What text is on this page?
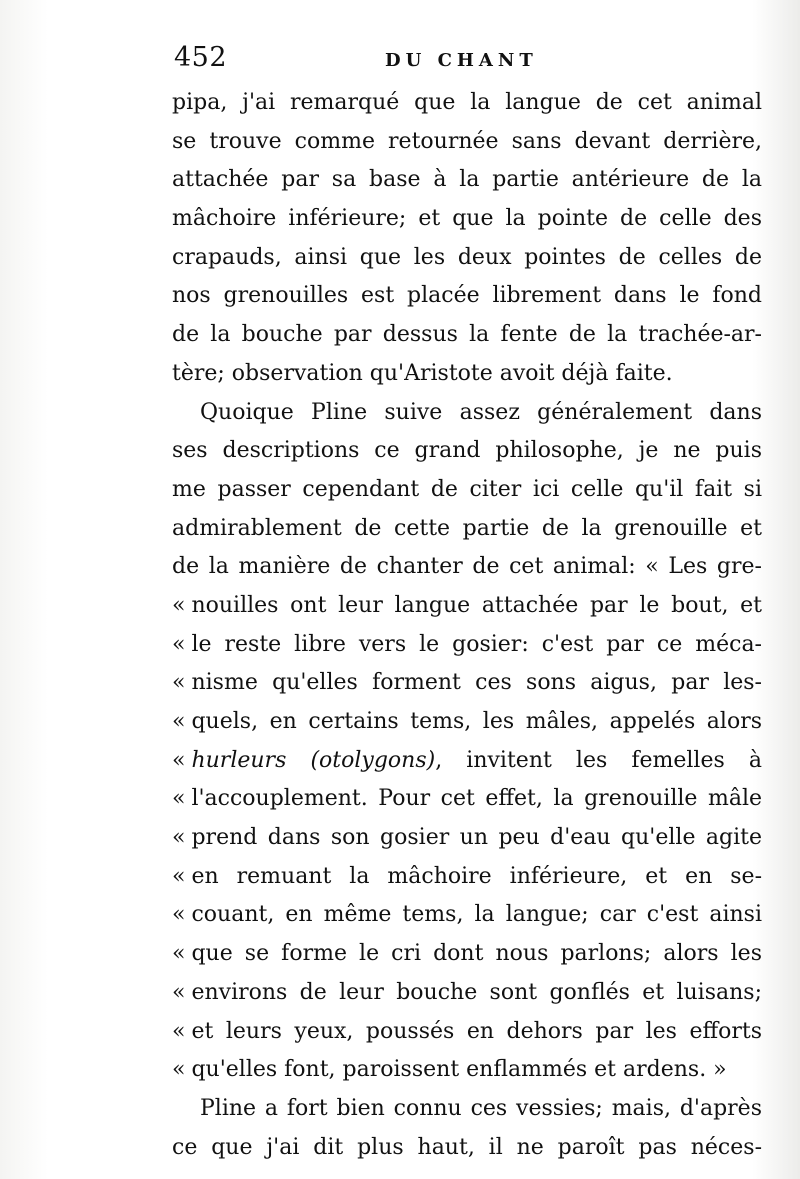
452	DU CHANT
pipa, j'ai remarqué que la langue de cet animal
se trouve comme retournée sans devant derrière,
attachée par sa base à la partie antérieure de la
mâchoire inférieure; et que la pointe de celle des
crapauds, ainsi que les deux pointes de celles de
nos grenouilles est placée librement dans le fond
de la bouche par dessus la fente de la trachée-ar-
tère; observation qu'Aristote avoit déjà faite.
Quoique Pline suive assez généralement dans
ses descriptions ce grand philosophe, je ne puis
me passer cependant de citer ici celle qu'il fait si
admirablement de cette partie de la grenouille et
de la manière de chanter de cet animal: « Les gre-
« nouilles ont leur langue attachée par le bout, et
« le reste libre vers le gosier: c'est par ce méca-
« nisme qu'elles forment ces sons aigus, par les-
« quels, en certains tems, les mâles, appelés alors
« hurleurs (otolygons), invitent les femelles à
« l'accouplement. Pour cet effet, la grenouille mâle
« prend dans son gosier un peu d'eau qu'elle agite
« en remuant la mâchoire inférieure, et en se-
« couant, en même tems, la langue; car c'est ainsi
« que se forme le cri dont nous parlons; alors les
« environs de leur bouche sont gonflés et luisans;
« et leurs yeux, poussés en dehors par les efforts
« qu'elles font, paroissent enflammés et ardens. »
Pline a fort bien connu ces vessies; mais, d'après
ce que j'ai dit plus haut, il ne paroît pas néces-
